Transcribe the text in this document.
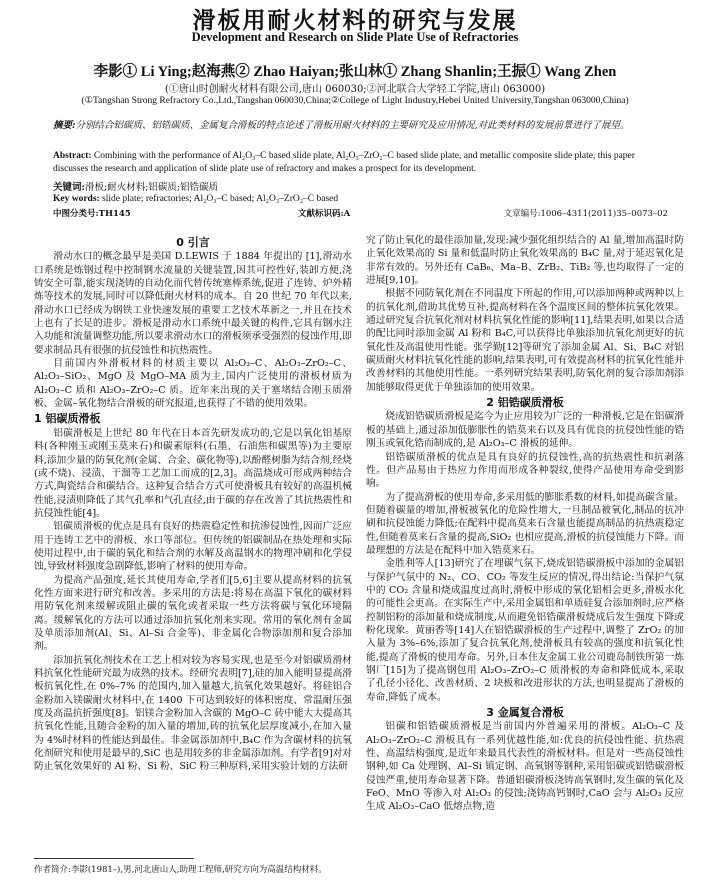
滑板用耐火材料的研究与发展
Development and Research on Slide Plate Use of Refractories
李影① Li Ying;赵海燕② Zhao Haiyan;张山林① Zhang Shanlin;王振① Wang Zhen
(①唐山时创耐火材料有限公司,唐山 060030;②河北联合大学轻工学院,唐山 063000)
(①Tangshan Strong Refractory Co.,Ltd.,Tangshan 060030,China;②College of Light Industry,Hebei United University,Tangshan 063000,China)
摘要:分别结合铝碳质、铝锆碳质、金属复合滑板的特点论述了滑板用耐火材料的主要研究及应用情况,对此类材料的发展前景进行了展望。
Abstract: Combining with the performance of Al₂O₃–C based slide plate, Al₂O₃–ZrO₂–C based slide plate, and metallic composite slide plate, this paper discusses the research and application of slide plate use of refractory and makes a prospect for its development.
关键词:滑板;耐火材料;铝碳质;铝锆碳质
Key words: slide plate; refractories; Al₂O₃–C based; Al₂O₃–ZrO₂–C based
中图分类号:TH145	文献标识码:A	文章编号:1006–4311(2011)35–0073–02
0 引言

滑动水口的概念最早是美国 D.LEWIS 于 1884 年提出的 [1],滑动水口系统是炼钢过程中控制钢水流量的关键装置,因其可控性好,装卸方便,浇铸安全可靠,能实现浇铸的自动化而代替传统塞棒系统,促进了连铸、炉外精炼等技术的发展,同时可以降低耐火材料的成本。自 20 世纪 70 年代以来,滑动水口已经成为钢铁工业快速发展的重要工艺技术革新之一,并且在技术上也有了长足的进步。滑板是滑动水口系统中最关键的构件,它具有钢水注入功能和流量调整功能,所以要求滑动水口的滑板须承受强烈的侵蚀作用,即要求制品具有很强的抗侵蚀性和抗热震性。

目前国内外滑板材料的材质主要以 Al₂O₃–C、Al₂O₃–ZrO₂–C、Al₂O₃–SiO₂、MgO 及 MgO–MA 质为主,国内广泛使用的滑板材质为 Al₂O₃–C 质和 Al₂O₃–ZrO₂–C 质。近年来出现的关于塞堵结合刚玉质滑板、金属–氧化物结合滑板的研究报道,也获得了不错的使用效果。

1 铝碳质滑板

铝碳滑板是上世纪 80 年代在日本首先研发成功的,它是以氧化铝基原料(各种刚玉或刚玉莫来石)和碳素原料(石墨、石油焦和碳黑等)为主要原料,添加少量的防氧化剂(金属、合金、碳化物等),以酚醛树脂为结合剂,经烧(或不烧)、浸渍、干溜等工艺加工而成的[2,3]。高温烧成可形成两种结合方式,陶瓷结合和碳结合。这种复合结合方式可使滑板具有较好的高温机械性能,浸渍则降低了其气孔率和气孔直径,由于碳的存在改善了其抗热震性和抗侵蚀性能[4]。

铝碳质滑板的优点是具有良好的热震稳定性和抗渗侵蚀性,因而广泛应用于连铸工艺中的滑板、水口等部位。但传统的铝碳制品在热处理和实际使用过程中,由于碳的氧化和结合剂的水解及高温钢水的物理冲刷和化学侵蚀,导致材料强度急剧降低,影响了材料的使用寿命。

为提高产品强度,延长其使用寿命,学者们[5,6]主要从提高材料的抗氧化性方面来进行研究和改善。多采用的方法是:将易在高温下氧化的碳材料用防氧化剂来缓解或阻止碳的氧化或者采取一些方法将碳与氧化环境隔离。缓解氧化的方法可以通过添加抗氧化剂来实现。常用的氧化剂有金属及单质添加剂(Al、Si、Al–Si 合金等)、非金属化合物添加剂和复合添加剂。

添加抗氧化剂技术在工艺上相对较为容易实现,也是至今对铝碳质滑材料抗氧化性能研究最为成熟的技术。经研究表明[7],硅的加入能明显提高滑板抗氧化性,在 0%–7% 的范围内,加入量越大,抗氧化效果越好。将硅铝合金粉加入镁碳耐火材料中,在 1400 下可达到较好的体积密度、常温耐压强度及高温抗折强度[8]。铝镁合金粉加入含碳的 MgO–C 砖中能大大提高其抗氧化性能,且随合金粉的加入量的增加,砖的抗氧化层厚度减小,在加入量为 4%时材料的性能达到最佳。非金属添加剂中,B₄C 作为含碳材料的抗氧化剂研究和使用是最早的,SiC 也是用较多的非金属添加剂。有学者[9]对对防止氧化效果好的 Al 粉、Si 粉、SiC 粉三种原料,采用实验计划的方法研

究了防止氧化的最佳添加量,发现:减少强化组织结合的 Al 量,增加高温时防止氧化效果高的 Si 量和低温时防止氧化效果高的 B₄C 量,对于延迟氧化是非常有效的。另外还有 CaB₆、Ma–B、ZrB₂、TiB₂ 等,也均取得了一定的进展[9,10]。

根据不同防氧化剂在不同温度下所起的作用,可以添加两种或两种以上的抗氧化剂,借助其优势互补,提高材料在各个温度区间的整体抗氧化效果。通过研究复合抗氧化剂对材料抗氧化性能的影响[11],结果表明,如果以合适的配比同时添加金属 Al 粉和 B₄C,可以获得比单独添加抗氧化剂更好的抗氧化性及高温使用性能。张学勤[12]等研究了添加金属 Al、Si、B₄C 对铝碳质耐火材料抗氧化性能的影响,结果表明,可有效提高材料的抗氧化性能并改善材料的其他使用性能。一系列研究结果表明,防氧化剂的复合添加剂添加能够取得更优于单独添加的使用效果。

2 铝锆碳质滑板

烧成铝锆碳质滑板是迄今为止应用较为广泛的一种滑板,它是在铝碳滑板的基础上,通过添加低膨胀性的锆莫来石以及具有优良的抗侵蚀性能的锆刚玉或氧化锆而制成的,是 Al₂O₃–C 滑板的延伸。

铝锆碳质滑板的优点是具有良好的抗侵蚀性,高的抗热震性和抗剥落性。但产品易由于热应力作用而形成各种裂纹,使得产品使用寿命受到影响。

为了提高滑板的使用寿命,多采用低的膨胀系数的材料,如提高碳含量。但随着碳量的增加,滑板被氧化的危险性增大,一旦制品被氧化,制品的抗冲刷和抗侵蚀能力降低;在配料中提高莫来石含量也能提高制品的抗热震稳定性,但随着莫来石含量的提高,SiO₂ 也相应提高,滑板的抗侵蚀能力下降。而最理想的方法是在配料中加入锆莫来石。

金胜利等人[13]研究了在埋碳气氛下,烧成铝锆碳滑板中添加的金属铝与保护气氛中的 N₂、CO、CO₂ 等发生反应的情况,得出结论:当保护气氛中的 CO₂ 含量和烧成温度过高时,滑板中形成的氧化铝相会更多,滑板水化的可能性会更高。在实际生产中,采用金属铝和单质硅复合添加剂时,应严格控制铝粉的添加量和烧成制度,从而避免铝锆碳滑板烧成后发生强度下降或粉化现象。黄丽香等[14]人在铝锆碳滑板的生产过程中,调整了 ZrO₂ 的加入量为 3%–6%,添加了复合抗氧化剂,使滑板具有较高的强度和抗氧化性能,提高了滑板的使用寿命。另外,日本住友金属工业公司鹿岛制铁所第一炼钢厂[15]为了提高钢包用 Al₂O₃–ZrO₂–C 质滑板的寿命和降低成本,采取了孔径小径化、改善材质、2 块板和改进形状的方法,也明显提高了滑板的寿命,降低了成本。

3 金属复合滑板

铝碳和铝锆碳质滑板是当前国内外普遍采用的滑板。Al₂O₃–C 及 Al₂O₃–ZrO₂–C 滑板具有一系列优越性能,如:优良的抗侵蚀性能、抗热震性、高温结构强度,是近年来最具代表性的滑板材料。但是对一些高侵蚀性钢种,如 Ca 处理钢、Al–Si 镇定钢、高氧钢等钢种,采用铝碳或铝锆碳滑板侵蚀严重,使用寿命显著下降。普通铝碳滑板浇铸高氧钢时,发生碳的氧化及 FeO、MnO 等渗入对 Al₂O₃ 的侵蚀;浇铸高钙钢时,CaO 会与 Al₂O₃ 反应生成 Al₂O₃–CaO 低熔点物,造

作者简介:李影(1981–),男,河北唐山人,助理工程师,研究方向为高温结构材料。
